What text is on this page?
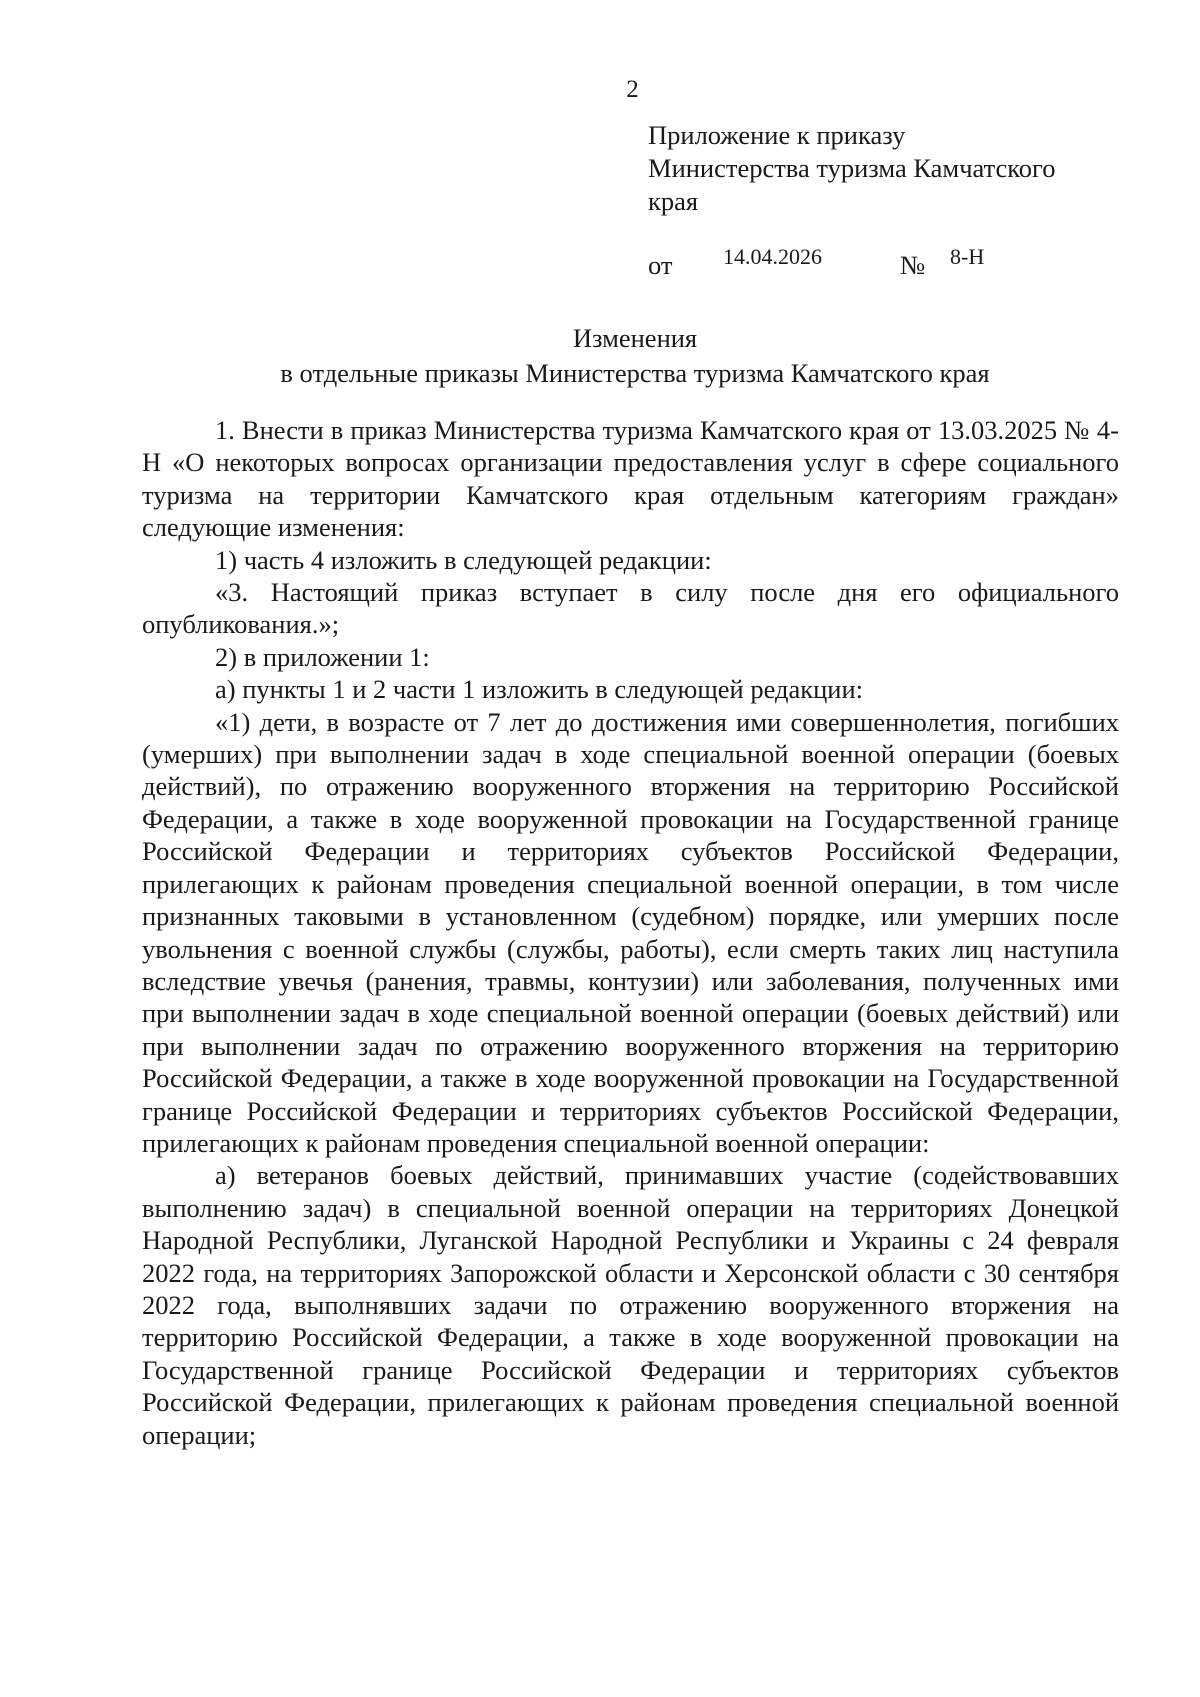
2
Приложение к приказу
Министерства туризма Камчатского
края
от 14.04.2026	№ 8-Н
Изменения
в отдельные приказы Министерства туризма Камчатского края

1. Внести в приказ Министерства туризма Камчатского края от 13.03.2025 № 4-Н «О некоторых вопросах организации предоставления услуг в сфере социального туризма на территории Камчатского края отдельным категориям граждан» следующие изменения:

1) часть 4 изложить в следующей редакции:

«3. Настоящий приказ вступает в силу после дня его официального опубликования.»;

2) в приложении 1:

а) пункты 1 и 2 части 1 изложить в следующей редакции:

«1) дети, в возрасте от 7 лет до достижения ими совершеннолетия, погибших (умерших) при выполнении задач в ходе специальной военной операции (боевых действий), по отражению вооруженного вторжения на территорию Российской Федерации, а также в ходе вооруженной провокации на Государственной границе Российской Федерации и территориях субъектов Российской Федерации, прилегающих к районам проведения специальной военной операции, в том числе признанных таковыми в установленном (судебном) порядке, или умерших после увольнения с военной службы (службы, работы), если смерть таких лиц наступила вследствие увечья (ранения, травмы, контузии) или заболевания, полученных ими при выполнении задач в ходе специальной военной операции (боевых действий) или при выполнении задач по отражению вооруженного вторжения на территорию Российской Федерации, а также в ходе вооруженной провокации на Государственной границе Российской Федерации и территориях субъектов Российской Федерации, прилегающих к районам проведения специальной военной операции:

а) ветеранов боевых действий, принимавших участие (содействовавших выполнению задач) в специальной военной операции на территориях Донецкой Народной Республики, Луганской Народной Республики и Украины с 24 февраля 2022 года, на территориях Запорожской области и Херсонской области с 30 сентября 2022 года, выполнявших задачи по отражению вооруженного вторжения на территорию Российской Федерации, а также в ходе вооруженной провокации на Государственной границе Российской Федерации и территориях субъектов Российской Федерации, прилегающих к районам проведения специальной военной операции;
